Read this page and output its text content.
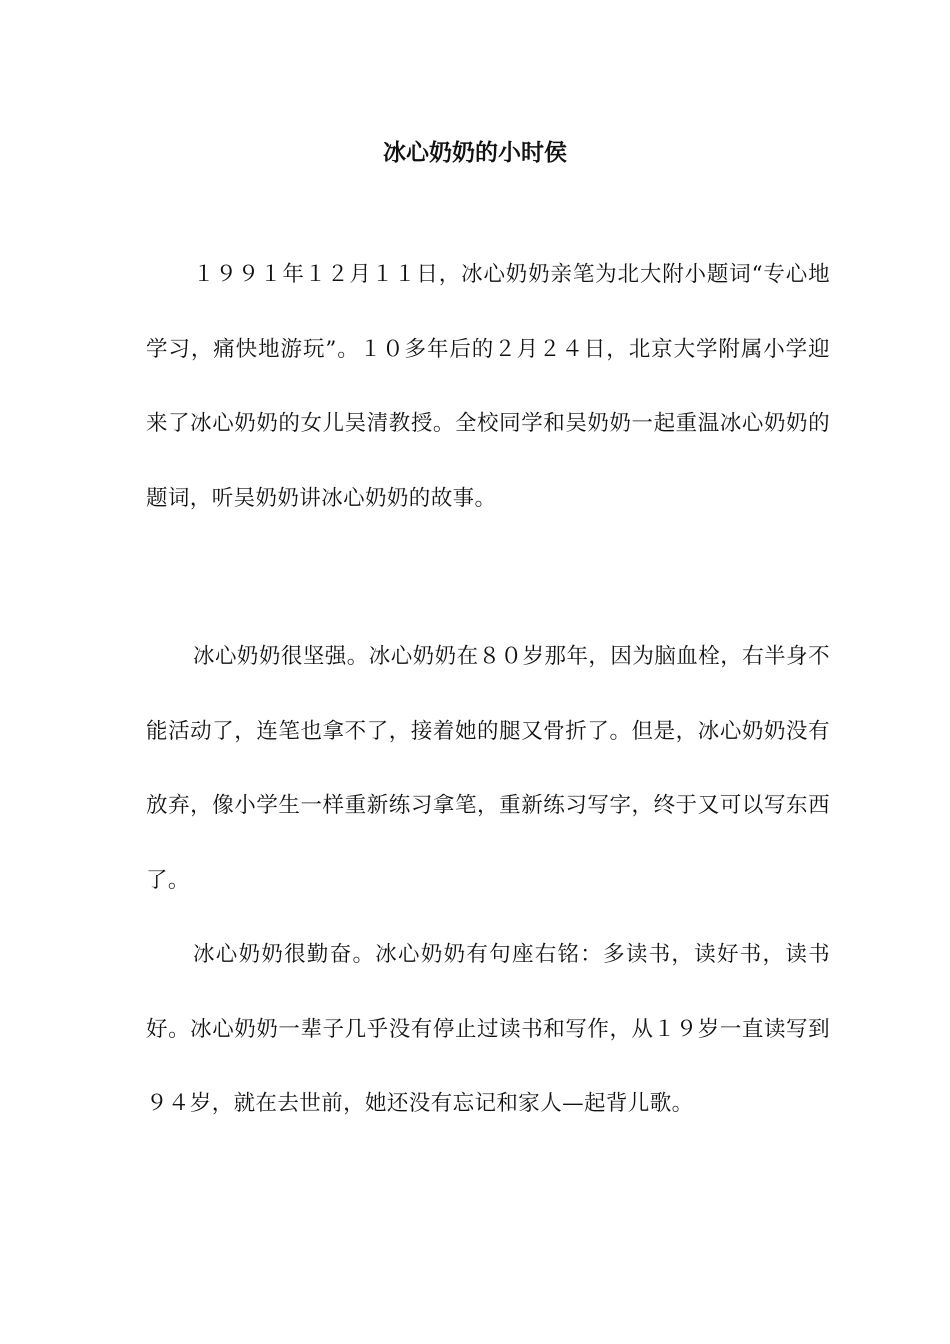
冰心奶奶的小时侯

１９９１年１２月１１日，冰心奶奶亲笔为北大附小题词“专心地学习，痛快地游玩”。１０多年后的２月２４日，北京大学附属小学迎来了冰心奶奶的女儿吴清教授。全校同学和吴奶奶一起重温冰心奶奶的题词，听吴奶奶讲冰心奶奶的故事。

冰心奶奶很坚强。冰心奶奶在８０岁那年，因为脑血栓，右半身不能活动了，连笔也拿不了，接着她的腿又骨折了。但是，冰心奶奶没有放弃，像小学生一样重新练习拿笔，重新练习写字，终于又可以写东西了。

冰心奶奶很勤奋。冰心奶奶有句座右铭：多读书，读好书，读书好。冰心奶奶一辈子几乎没有停止过读书和写作，从１９岁一直读写到９４岁，就在去世前，她还没有忘记和家人—起背儿歌。
